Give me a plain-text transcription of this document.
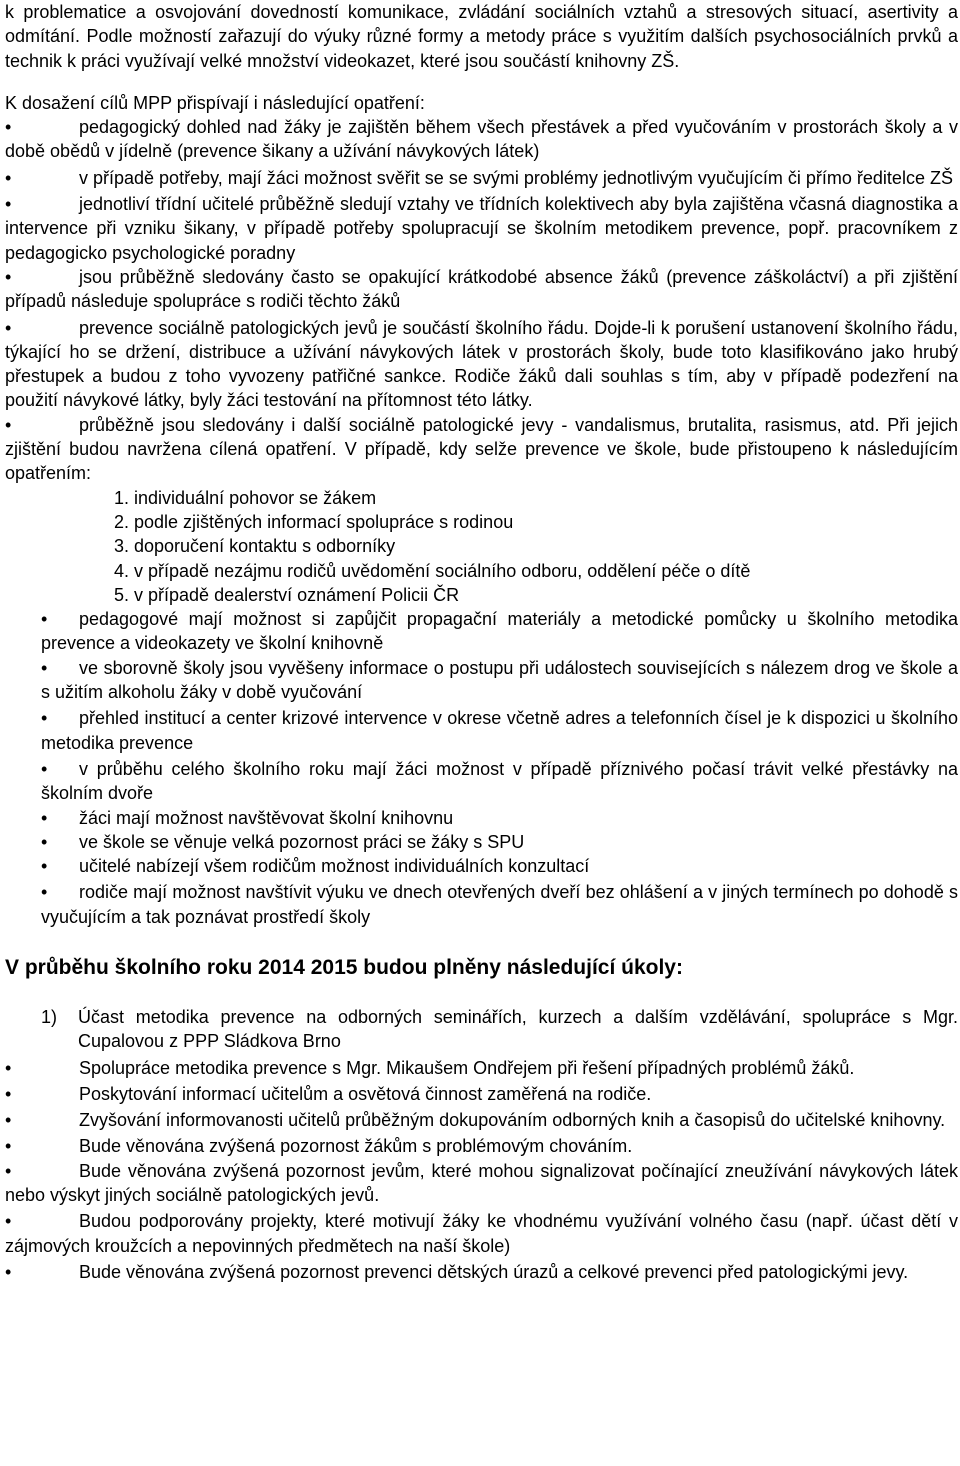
k problematice a osvojování dovedností komunikace, zvládání sociálních vztahů a stresových situací, asertivity a odmítání. Podle možností zařazují do výuky různé formy a metody práce s využitím dalších psychosociálních prvků a technik k práci využívají velké množství videokazet, které jsou součástí knihovny ZŠ.

K dosažení cílů MPP přispívají i následující opatření:

•	pedagogický dohled nad žáky je zajištěn během všech přestávek a před vyučováním v prostorách školy a v době obědů v jídelně (prevence šikany a užívání návykových látek)

•	v případě potřeby, mají žáci možnost svěřit se se svými problémy jednotlivým vyučujícím či přímo ředitelce ZŠ

•	jednotliví třídní učitelé průběžně sledují vztahy ve třídních kolektivech aby byla zajištěna včasná diagnostika a intervence při vzniku šikany, v případě potřeby spolupracují se školním metodikem prevence, popř. pracovníkem z pedagogicko psychologické poradny

•	jsou průběžně sledovány často se opakující krátkodobé absence žáků (prevence záškoláctví) a při zjištění případů následuje spolupráce s rodiči těchto žáků

•	prevence sociálně patologických jevů je součástí školního řádu. Dojde-li k porušení ustanovení školního řádu, týkající ho se držení, distribuce a užívání návykových látek v prostorách školy, bude toto klasifikováno jako hrubý přestupek a budou z toho vyvozeny patřičné sankce. Rodiče žáků dali souhlas s tím, aby v případě podezření na použití návykové látky, byly žáci testování na přítomnost této látky.

•	průběžně jsou sledovány i další sociálně patologické jevy - vandalismus, brutalita, rasismus, atd. Při jejich zjištění budou navržena cílená opatření. V případě, kdy selže prevence ve škole, bude přistoupeno k následujícím opatřením:

1. individuální pohovor se žákem
2. podle zjištěných informací spolupráce s rodinou
3. doporučení kontaktu s odborníky
4. v případě nezájmu rodičů uvědomění sociálního odboru, oddělení péče o dítě
5. v případě dealerství oznámení Policii ČR

• pedagogové mají možnost si zapůjčit propagační materiály a metodické pomůcky u školního metodika prevence a videokazety ve školní knihovně

• ve sborovně školy jsou vyvěšeny informace o postupu při událostech souvisejících s nálezem drog ve škole a s užitím alkoholu žáky v době vyučování

• přehled institucí a center krizové intervence v okrese včetně adres a telefonních čísel je k dispozici u školního metodika prevence

• v průběhu celého školního roku mají žáci možnost v případě příznivého počasí trávit velké přestávky na školním dvoře

• žáci mají možnost navštěvovat školní knihovnu

• ve škole se věnuje velká pozornost práci se žáky s SPU

• učitelé nabízejí všem rodičům možnost individuálních konzultací

• rodiče mají možnost navštívit výuku ve dnech otevřených dveří bez ohlášení a v jiných termínech po dohodě s vyučujícím a tak poznávat prostředí školy

V průběhu školního roku 2014 2015 budou plněny následující úkoly:
1) Účast metodika prevence na odborných seminářích, kurzech a dalším vzdělávání, spolupráce s Mgr. Cupalovou z PPP Sládkova Brno

•	Spolupráce metodika prevence s Mgr. Mikaušem Ondřejem při řešení případných problémů žáků.

•	Poskytování informací učitelům a osvětová činnost zaměřená na rodiče.

•	Zvyšování informovanosti učitelů průběžným dokupováním odborných knih a časopisů do učitelské knihovny.

•	Bude věnována zvýšená pozornost žákům s problémovým chováním.

•	Bude věnována zvýšená pozornost jevům, které mohou signalizovat počínající zneužívání návykových látek nebo výskyt jiných sociálně patologických jevů.

•	Budou podporovány projekty, které motivují žáky ke vhodnému využívání volného času (např. účast dětí v zájmových kroužcích a nepovinných předmětech na naší škole)

•	Bude věnována zvýšená pozornost prevenci dětských úrazů a celkové prevenci před patologickými jevy.
